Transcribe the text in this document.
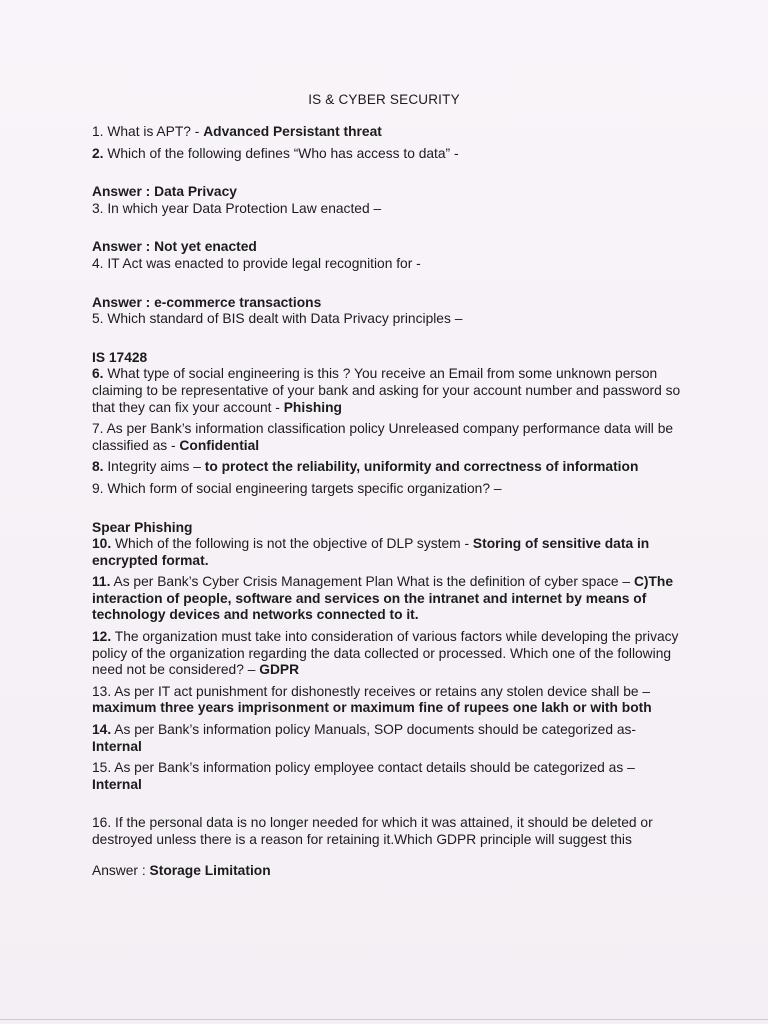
IS & CYBER SECURITY

1. What is APT? - Advanced Persistant threat

2. Which of the following defines “Who has access to data” -

Answer : Data Privacy

3. In which year Data Protection Law enacted –

Answer : Not yet enacted

4. IT Act was enacted to provide legal recognition for -

Answer : e-commerce transactions

5. Which standard of BIS dealt with Data Privacy principles –

IS 17428

6. What type of social engineering is this ? You receive an Email from some unknown person claiming to be representative of your bank and asking for your account number and password so that they can fix your account - Phishing

7. As per Bank’s information classification policy Unreleased company performance data will be classified as - Confidential

8. Integrity aims – to protect the reliability, uniformity and correctness of information

9. Which form of social engineering targets specific organization? –

Spear Phishing

10. Which of the following is not the objective of DLP system - Storing of sensitive data in encrypted format.

11. As per Bank’s Cyber Crisis Management Plan What is the definition of cyber space – C)The interaction of people, software and services on the intranet and internet by means of technology devices and networks connected to it.

12. The organization must take into consideration of various factors while developing the privacy policy of the organization regarding the data collected or processed. Which one of the following need not be considered? – GDPR

13. As per IT act punishment for dishonestly receives or retains any stolen device shall be – maximum three years imprisonment or maximum fine of rupees one lakh or with both

14. As per Bank’s information policy Manuals, SOP documents should be categorized as- Internal

15. As per Bank’s information policy employee contact details should be categorized as – Internal

16. If the personal data is no longer needed for which it was attained, it should be deleted or destroyed unless there is a reason for retaining it.Which GDPR principle will suggest this

Answer : Storage Limitation
